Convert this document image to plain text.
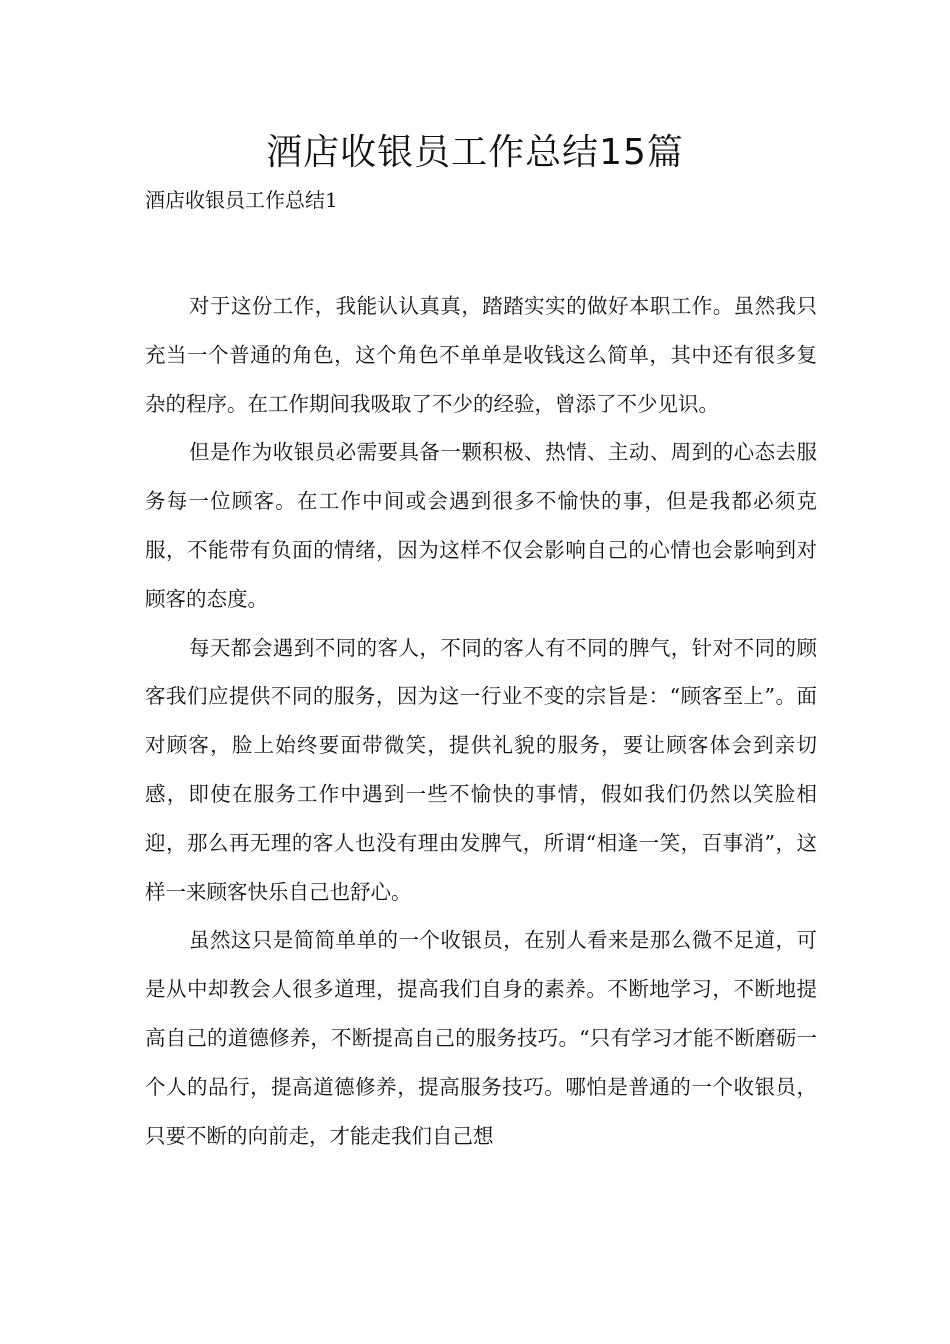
酒店收银员工作总结15篇
酒店收银员工作总结1

对于这份工作，我能认认真真，踏踏实实的做好本职工作。虽然我只充当一个普通的角色，这个角色不单单是收钱这么简单，其中还有很多复杂的程序。在工作期间我吸取了不少的经验，曾添了不少见识。

但是作为收银员必需要具备一颗积极、热情、主动、周到的心态去服务每一位顾客。在工作中间或会遇到很多不愉快的事，但是我都必须克服，不能带有负面的情绪，因为这样不仅会影响自己的心情也会影响到对顾客的态度。

每天都会遇到不同的客人，不同的客人有不同的脾气，针对不同的顾客我们应提供不同的服务，因为这一行业不变的宗旨是：“顾客至上”。面对顾客，脸上始终要面带微笑，提供礼貌的服务，要让顾客体会到亲切感，即使在服务工作中遇到一些不愉快的事情，假如我们仍然以笑脸相迎，那么再无理的客人也没有理由发脾气，所谓“相逢一笑，百事消”，这样一来顾客快乐自己也舒心。

虽然这只是简简单单的一个收银员，在别人看来是那么微不足道，可是从中却教会人很多道理，提高我们自身的素养。不断地学习，不断地提高自己的道德修养，不断提高自己的服务技巧。“只有学习才能不断磨砺一个人的品行，提高道德修养，提高服务技巧。哪怕是普通的一个收银员，只要不断的向前走，才能走我们自己想
